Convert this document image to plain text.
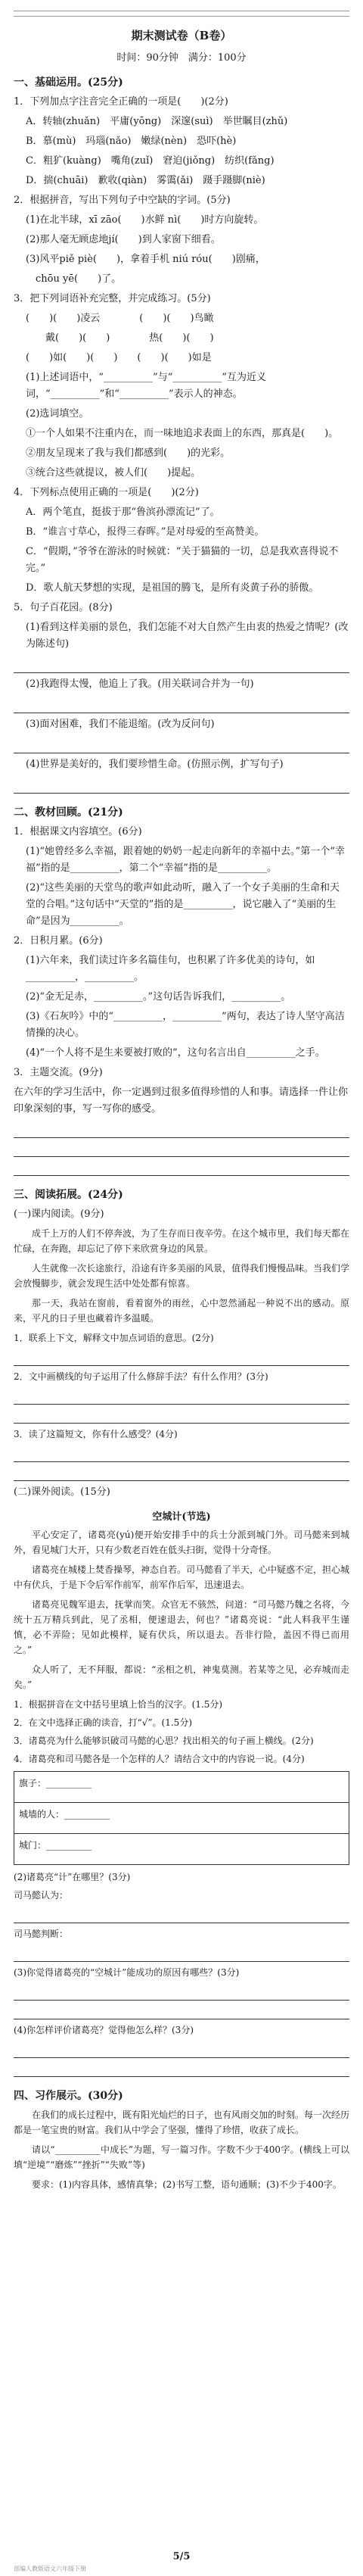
期末测试卷（B卷）
时间：90分钟　满分：100分
一、基础运用。(25分)
1．下列加点字注音完全正确的一项是(　　)(2分)
A．转轴(zhuǎn)　平庸(yōng)　深邃(suì)　举世瞩目(zhǔ)
B．慕(mù)　玛瑙(nǎo)　嫩绿(nèn)　恐吓(hè)
C．粗犷(kuàng)　嘴角(zuǐ)　窘迫(jiǒng)　纺织(fǎng)
D．揣(chuāi)　歉收(qiàn)　雾霭(ǎi)　蹑手蹑脚(niè)
2．根据拼音，写出下列句子中空缺的字词。(5分)
(1)在北半球，xī zāo(　　)水鲜 nì(　　)时方向旋转。
(2)那人毫无顾虑地jí(　　)到人家窗下细看。
(3)风平piě piè(　　)，拿着手机 niú róu(　　)剧痛，
　chōu yē(　　)了。
3．把下列词语补充完整，并完成练习。(5分)
(　　)(　　)凌云　　　　(　　)(　　)鸟瞰
　　戴(　　)(　　)　　　　热(　　)(　　)
(　　)如(　　)(　　)　　(　　)(　　)如是
(1)上述词语中，“__________”与“__________”互为近义词，“__________”和“__________”表示人的神态。
(2)选词填空。
①一个人如果不注重内在，而一味地追求表面上的东西，那真是(　　)。
②朋友呈现来了我与我们都感到(　　)的光彩。
③统合这些就提议，被人们(　　)提起。
4．下列标点使用正确的一项是(　　)(2分)
A．两个笔直，挺拔于那“鲁滨孙漂流记”了。
B．“谁言寸草心，报得三春晖。”是对母爱的至高赞美。
C．“假期，”爷爷在游泳的时候就：“关于猫猫的一切，总是我欢喜得说不完。”
D．歌人航天梦想的实现，是祖国的腾飞，是所有炎黄子孙的骄傲。
5．句子百花园。(8分)
(1)看到这样美丽的景色，我们怎能不对大自然产生由衷的热爱之情呢？(改为陈述句)
(2)我跑得太慢，他追上了我。(用关联词合并为一句)
(3)面对困难，我们不能退缩。(改为反问句)
(4)世界是美好的，我们要珍惜生命。(仿照示例，扩写句子)
二、教材回顾。(21分)
1．根据课文内容填空。(6分)
(1)“她曾经多么幸福，跟着她的奶奶一起走向新年的幸福中去。”第一个“幸福”指的是__________，第二个“幸福”指的是__________。
(2)“这些美丽的天堂鸟的歌声如此动听，融入了一个女子美丽的生命和天堂的合唱。”这句话中“天堂的”指的是__________，说它融入了“美丽的生命”是因为__________。
2．日积月累。(6分)
(1)六年来，我们读过许多名篇佳句，也积累了许多优美的诗句，如__________，__________。
(2)“金无足赤，__________。”这句话告诉我们，__________。
(3)《石灰吟》中的“__________，__________”两句，表达了诗人坚守高洁情操的决心。
(4)“一个人将不是生来要被打败的”，这句名言出自__________之手。
3．主题交流。(9分)
在六年的学习生活中，你一定遇到过很多值得珍惜的人和事。请选择一件让你印象深刻的事，写一写你的感受。
三、阅读拓展。(24分)
(一)课内阅读。(9分)

成千上万的人们不停奔波，为了生存而日夜辛劳。在这个城市里，我们每天都在忙碌，在奔跑，却忘记了停下来欣赏身边的风景。

人生就像一次长途旅行，沿途有许多美丽的风景，值得我们慢慢品味。当我们学会放慢脚步，就会发现生活中处处都有惊喜。

那一天，我站在窗前，看着窗外的雨丝，心中忽然涌起一种说不出的感动。原来，平凡的日子里也藏着许多温暖。

1．联系上下文，解释文中加点词语的意思。(2分)
2．文中画横线的句子运用了什么修辞手法？有什么作用？(3分)
3．读了这篇短文，你有什么感受？(4分)
(二)课外阅读。(15分)
空城计(节选)

平心安定了，诸葛亮(yú)便开始安排手中的兵士分派到城门外。司马懿来到城外，看见城门大开，只有少数老百姓在低头扫街，觉得十分奇怪。

诸葛亮在城楼上焚香操琴，神态自若。司马懿看了半天，心中疑惑不定，担心城中有伏兵，于是下令后军作前军，前军作后军，迅速退去。

诸葛亮见魏军退去，抚掌而笑。众官无不骇然，问道：“司马懿乃魏之名将，今统十五万精兵到此，见了丞相，便速退去，何也？”诸葛亮说：“此人料我平生谨慎，必不弄险；见如此模样，疑有伏兵，所以退去。吾非行险，盖因不得已而用之。”

众人听了，无不拜服，都说：“丞相之机，神鬼莫测。若某等之见，必弃城而走矣。”

1．根据拼音在文中括号里填上恰当的汉字。(1.5分)
2．在文中选择正确的读音，打“√”。(1.5分)
3．诸葛亮为什么能够识破司马懿的心思？找出相关的句子画上横线。(2分)
4．诸葛亮和司马懿各是一个怎样的人？请结合文中的内容说一说。(4分)
旗子：__________
城墙的人：__________
城门：__________
(2)诸葛亮“计”在哪里？(3分)
司马懿认为：
司马懿判断：
(3)你觉得诸葛亮的“空城计”能成功的原因有哪些？(3分)
(4)你怎样评价诸葛亮？觉得他怎么样？(3分)
四、习作展示。(30分)

在我们的成长过程中，既有阳光灿烂的日子，也有风雨交加的时刻。每一次经历都是一笔宝贵的财富。我们从中学会了坚强，懂得了珍惜，收获了成长。

请以“__________中成长”为题，写一篇习作。字数不少于400字。(横线上可以填“逆境”“磨炼”“挫折”“失败”等)

要求：(1)内容具体，感情真挚；(2)书写工整，语句通顺；(3)不少于400字。

5/5
部编人教版语文六年级下册
